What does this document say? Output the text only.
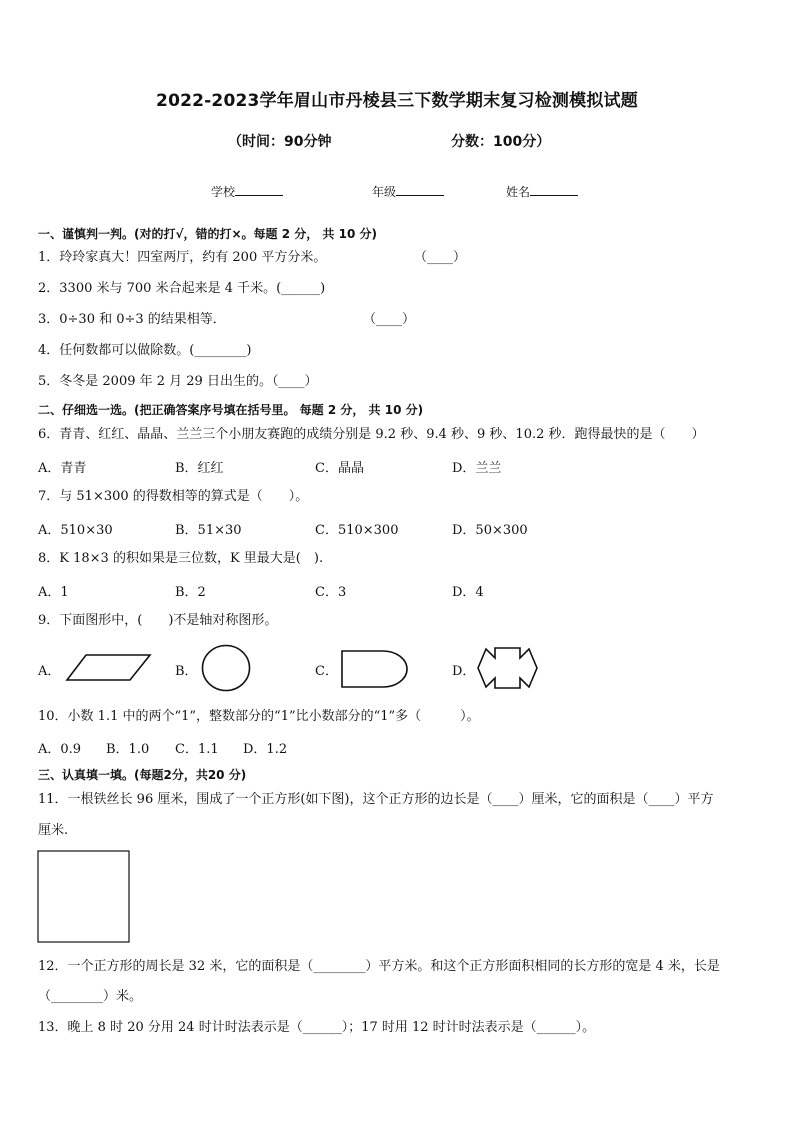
2022-2023学年眉山市丹棱县三下数学期末复习检测模拟试题
（时间：90分钟	分数：100分）
学校	年级	姓名
一、谨慎判一判。(对的打√，错的打×。每题 2 分， 共 10 分)
1．玲玲家真大！四室两厅，约有 200 平方分米。	（____）
2．3300 米与 700 米合起来是 4 千米。(______)
3．0÷30 和 0÷3 的结果相等．	（____）
4．任何数都可以做除数。(________)
5．冬冬是 2009 年 2 月 29 日出生的。（____）
二、仔细选一选。(把正确答案序号填在括号里。 每题 2 分， 共 10 分)
6．青青、红红、晶晶、兰兰三个小朋友赛跑的成绩分别是 9.2 秒、9.4 秒、9 秒、10.2 秒．跑得最快的是（　　）
A．青青	B．红红	C．晶晶	D．兰兰
7．与 51×300 的得数相等的算式是（　　）。
A．510×30	B．51×30	C．510×300	D．50×300
8．K 18×3 的积如果是三位数，K 里最大是(　).
A．1	B．2	C．3	D．4
9．下面图形中，(　　)不是轴对称图形。
A．	B．	C．	D．
10．小数 1.1 中的两个“1”，整数部分的“1”比小数部分的“1”多（　　　）。
A．0.9 B．1.0 C．1.1 D．1.2
三、认真填一填。(每题2分，共20 分)
11．一根铁丝长 96 厘米，围成了一个正方形(如下图)，这个正方形的边长是（____）厘米，它的面积是（____）平方
厘米.
12．一个正方形的周长是 32 米，它的面积是（________）平方米。和这个正方形面积相同的长方形的宽是 4 米，长是
（________）米。
13．晚上 8 时 20 分用 24 时计时法表示是（______）；17 时用 12 时计时法表示是（______）。
